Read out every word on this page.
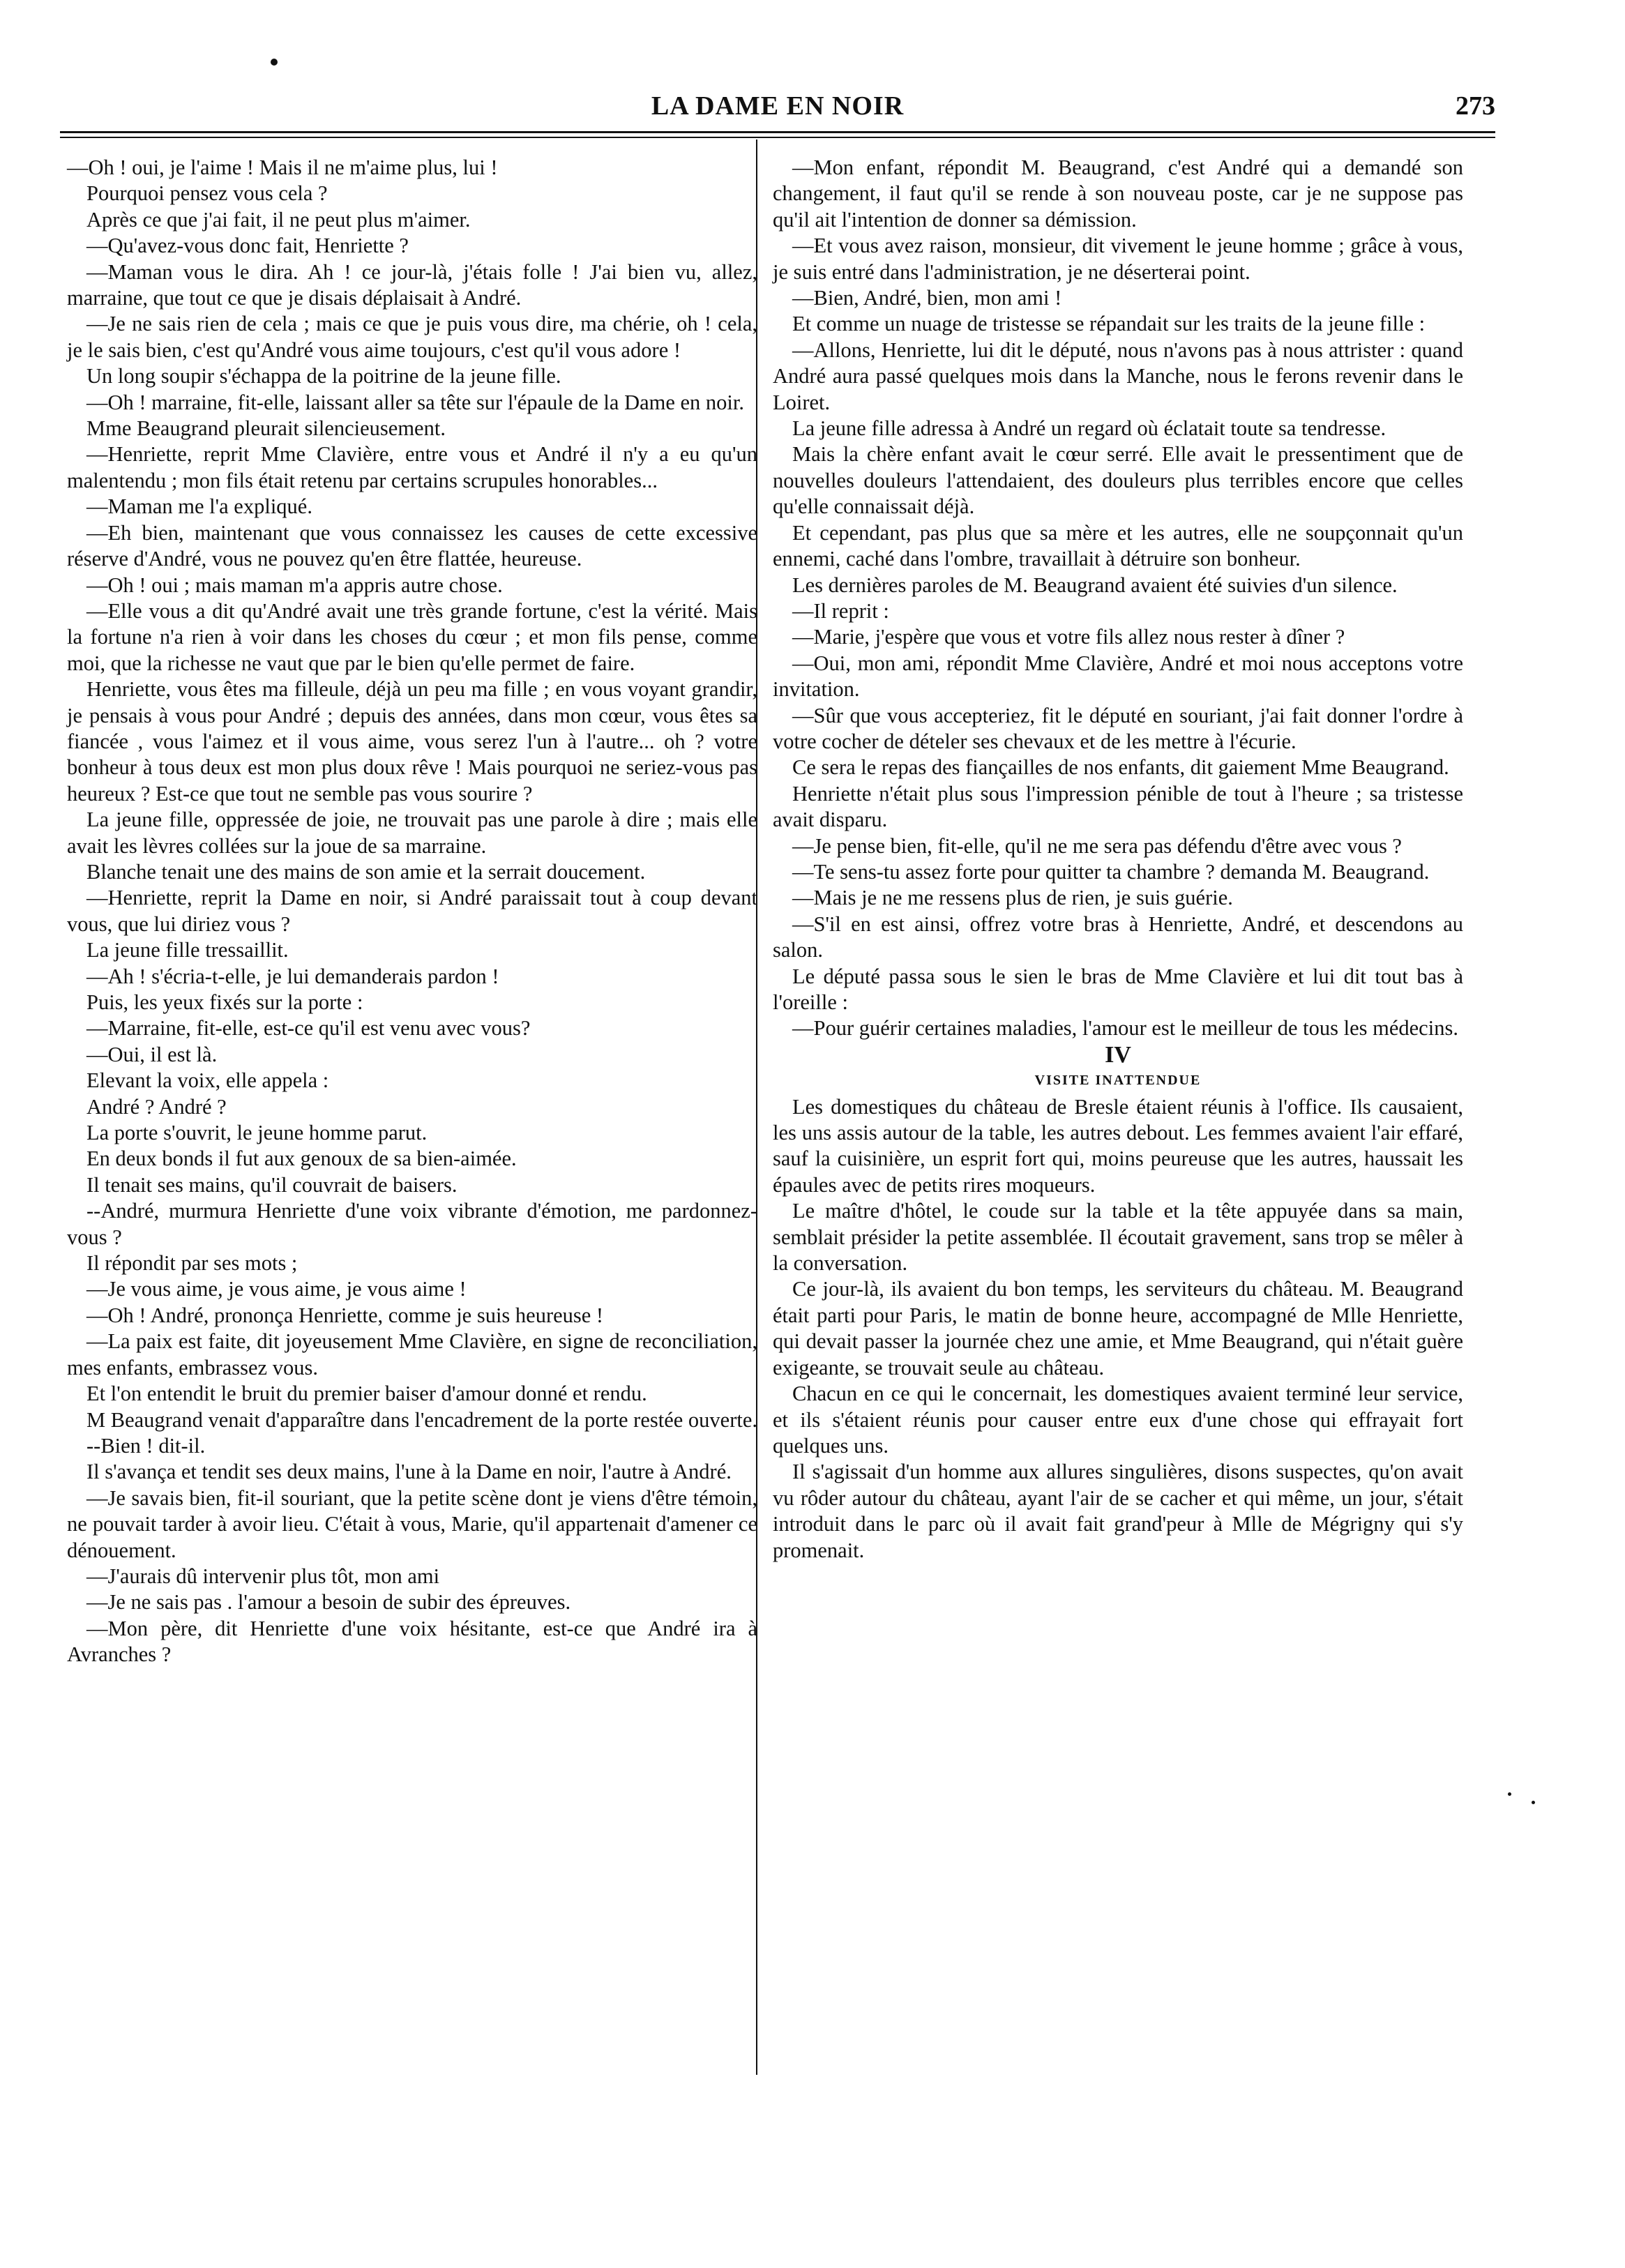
LA DAME EN NOIR	273

—Oh ! oui, je l'aime ! Mais il ne m'aime plus, lui !

Pourquoi pensez vous cela ?

Après ce que j'ai fait, il ne peut plus m'aimer.

—Qu'avez-vous donc fait, Henriette ?

—Maman vous le dira. Ah ! ce jour-là, j'étais folle ! J'ai bien vu, allez, marraine, que tout ce que je disais déplaisait à André.

—Je ne sais rien de cela ; mais ce que je puis vous dire, ma chérie, oh ! cela, je le sais bien, c'est qu'André vous aime toujours, c'est qu'il vous adore !

Un long soupir s'échappa de la poitrine de la jeune fille.

—Oh ! marraine, fit-elle, laissant aller sa tête sur l'épaule de la Dame en noir.

Mme Beaugrand pleurait silencieusement.

—Henriette, reprit Mme Clavière, entre vous et André il n'y a eu qu'un malentendu ; mon fils était retenu par certains scrupules honorables...

—Maman me l'a expliqué.

—Eh bien, maintenant que vous connaissez les causes de cette excessive réserve d'André, vous ne pouvez qu'en être flattée, heureuse.

—Oh ! oui ; mais maman m'a appris autre chose.

—Elle vous a dit qu'André avait une très grande fortune, c'est la vérité. Mais la fortune n'a rien à voir dans les choses du cœur ; et mon fils pense, comme moi, que la richesse ne vaut que par le bien qu'elle permet de faire.

Henriette, vous êtes ma filleule, déjà un peu ma fille ; en vous voyant grandir, je pensais à vous pour André ; depuis des années, dans mon cœur, vous êtes sa fiancée , vous l'aimez et il vous aime, vous serez l'un à l'autre... oh ? votre bonheur à tous deux est mon plus doux rêve ! Mais pourquoi ne seriez-vous pas heureux ? Est-ce que tout ne semble pas vous sourire ?

La jeune fille, oppressée de joie, ne trouvait pas une parole à dire ; mais elle avait les lèvres collées sur la joue de sa marraine.

Blanche tenait une des mains de son amie et la serrait doucement.

—Henriette, reprit la Dame en noir, si André paraissait tout à coup devant vous, que lui diriez vous ?

La jeune fille tressaillit.

—Ah ! s'écria-t-elle, je lui demanderais pardon !

Puis, les yeux fixés sur la porte :

—Marraine, fit-elle, est-ce qu'il est venu avec vous?

—Oui, il est là.

Elevant la voix, elle appela :

André ? André ?

La porte s'ouvrit, le jeune homme parut.

En deux bonds il fut aux genoux de sa bien-aimée.

Il tenait ses mains, qu'il couvrait de baisers.

--André, murmura Henriette d'une voix vibrante d'émotion, me pardonnez-vous ?

Il répondit par ses mots ;

—Je vous aime, je vous aime, je vous aime !

—Oh ! André, prononça Henriette, comme je suis heureuse !

—La paix est faite, dit joyeusement Mme Clavière, en signe de reconciliation, mes enfants, embrassez vous.

Et l'on entendit le bruit du premier baiser d'amour donné et rendu.

M Beaugrand venait d'apparaître dans l'encadrement de la porte restée ouverte.

--Bien ! dit-il.

Il s'avança et tendit ses deux mains, l'une à la Dame en noir, l'autre à André.

—Je savais bien, fit-il souriant, que la petite scène dont je viens d'être témoin, ne pouvait tarder à avoir lieu. C'était à vous, Marie, qu'il appartenait d'amener ce dénouement.

—J'aurais dû intervenir plus tôt, mon ami

—Je ne sais pas . l'amour a besoin de subir des épreuves.

—Mon père, dit Henriette d'une voix hésitante, est-ce que André ira à Avranches ?

—Mon enfant, répondit M. Beaugrand, c'est André qui a demandé son changement, il faut qu'il se rende à son nouveau poste, car je ne suppose pas qu'il ait l'intention de donner sa démission.

—Et vous avez raison, monsieur, dit vivement le jeune homme ; grâce à vous, je suis entré dans l'administration, je ne déserterai point.

—Bien, André, bien, mon ami !

Et comme un nuage de tristesse se répandait sur les traits de la jeune fille :

—Allons, Henriette, lui dit le député, nous n'avons pas à nous attrister : quand André aura passé quelques mois dans la Manche, nous le ferons revenir dans le Loiret.

La jeune fille adressa à André un regard où éclatait toute sa tendresse.

Mais la chère enfant avait le cœur serré. Elle avait le pressentiment que de nouvelles douleurs l'attendaient, des douleurs plus terribles encore que celles qu'elle connaissait déjà.

Et cependant, pas plus que sa mère et les autres, elle ne soupçonnait qu'un ennemi, caché dans l'ombre, travaillait à détruire son bonheur.

Les dernières paroles de M. Beaugrand avaient été suivies d'un silence.

—Il reprit :

—Marie, j'espère que vous et votre fils allez nous rester à dîner ?

—Oui, mon ami, répondit Mme Clavière, André et moi nous acceptons votre invitation.

—Sûr que vous accepteriez, fit le député en souriant, j'ai fait donner l'ordre à votre cocher de dételer ses chevaux et de les mettre à l'écurie.

Ce sera le repas des fiançailles de nos enfants, dit gaiement Mme Beaugrand.

Henriette n'était plus sous l'impression pénible de tout à l'heure ; sa tristesse avait disparu.

—Je pense bien, fit-elle, qu'il ne me sera pas défendu d'être avec vous ?

—Te sens-tu assez forte pour quitter ta chambre ? demanda M. Beaugrand.

—Mais je ne me ressens plus de rien, je suis guérie.

—S'il en est ainsi, offrez votre bras à Henriette, André, et descendons au salon.

Le député passa sous le sien le bras de Mme Clavière et lui dit tout bas à l'oreille :

—Pour guérir certaines maladies, l'amour est le meilleur de tous les médecins.

IV

VISITE INATTENDUE

Les domestiques du château de Bresle étaient réunis à l'office. Ils causaient, les uns assis autour de la table, les autres debout. Les femmes avaient l'air effaré, sauf la cuisinière, un esprit fort qui, moins peureuse que les autres, haussait les épaules avec de petits rires moqueurs.

Le maître d'hôtel, le coude sur la table et la tête appuyée dans sa main, semblait présider la petite assemblée. Il écoutait gravement, sans trop se mêler à la conversation.

Ce jour-là, ils avaient du bon temps, les serviteurs du château. M. Beaugrand était parti pour Paris, le matin de bonne heure, accompagné de Mlle Henriette, qui devait passer la journée chez une amie, et Mme Beaugrand, qui n'était guère exigeante, se trouvait seule au château.

Chacun en ce qui le concernait, les domestiques avaient terminé leur service, et ils s'étaient réunis pour causer entre eux d'une chose qui effrayait fort quelques uns.

Il s'agissait d'un homme aux allures singulières, disons suspectes, qu'on avait vu rôder autour du château, ayant l'air de se cacher et qui même, un jour, s'était introduit dans le parc où il avait fait grand'peur à Mlle de Mégrigny qui s'y promenait.
